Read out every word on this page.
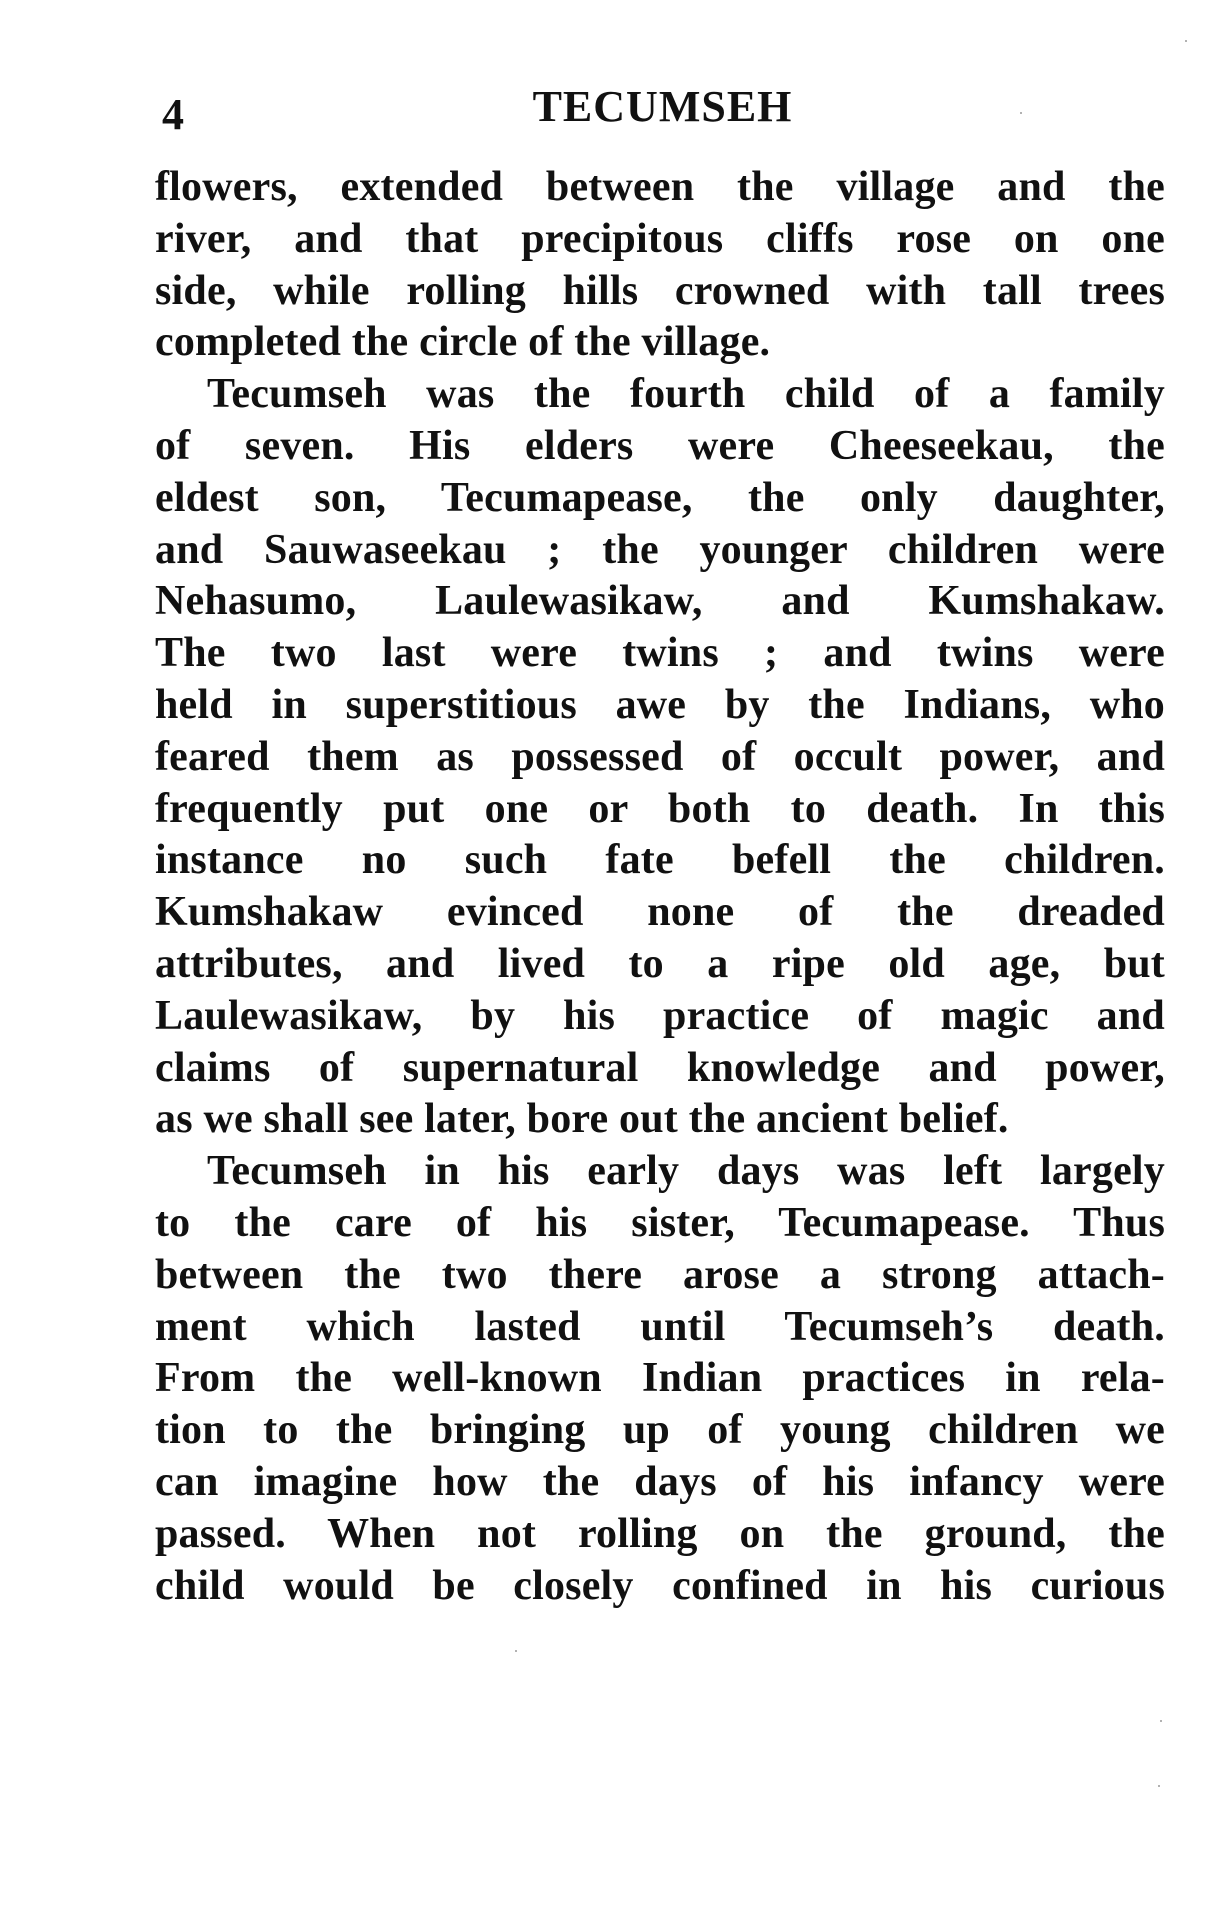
4	TECUMSEH
flowers, extended between the village and the
river, and that precipitous cliffs rose on one
side, while rolling hills crowned with tall trees
completed the circle of the village.
Tecumseh was the fourth child of a family
of seven. His elders were Cheeseekau, the
eldest son, Tecumapease, the only daughter,
and Sauwaseekau ; the younger children were
Nehasumo, Laulewasikaw, and Kumshakaw.
The two last were twins ; and twins were
held in superstitious awe by the Indians, who
feared them as possessed of occult power, and
frequently put one or both to death. In this
instance no such fate befell the children.
Kumshakaw evinced none of the dreaded
attributes, and lived to a ripe old age, but
Laulewasikaw, by his practice of magic and
claims of supernatural knowledge and power,
as we shall see later, bore out the ancient belief.
Tecumseh in his early days was left largely
to the care of his sister, Tecumapease. Thus
between the two there arose a strong attach-
ment which lasted until Tecumseh’s death.
From the well-known Indian practices in rela-
tion to the bringing up of young children we
can imagine how the days of his infancy were
passed. When not rolling on the ground, the
child would be closely confined in his curious
